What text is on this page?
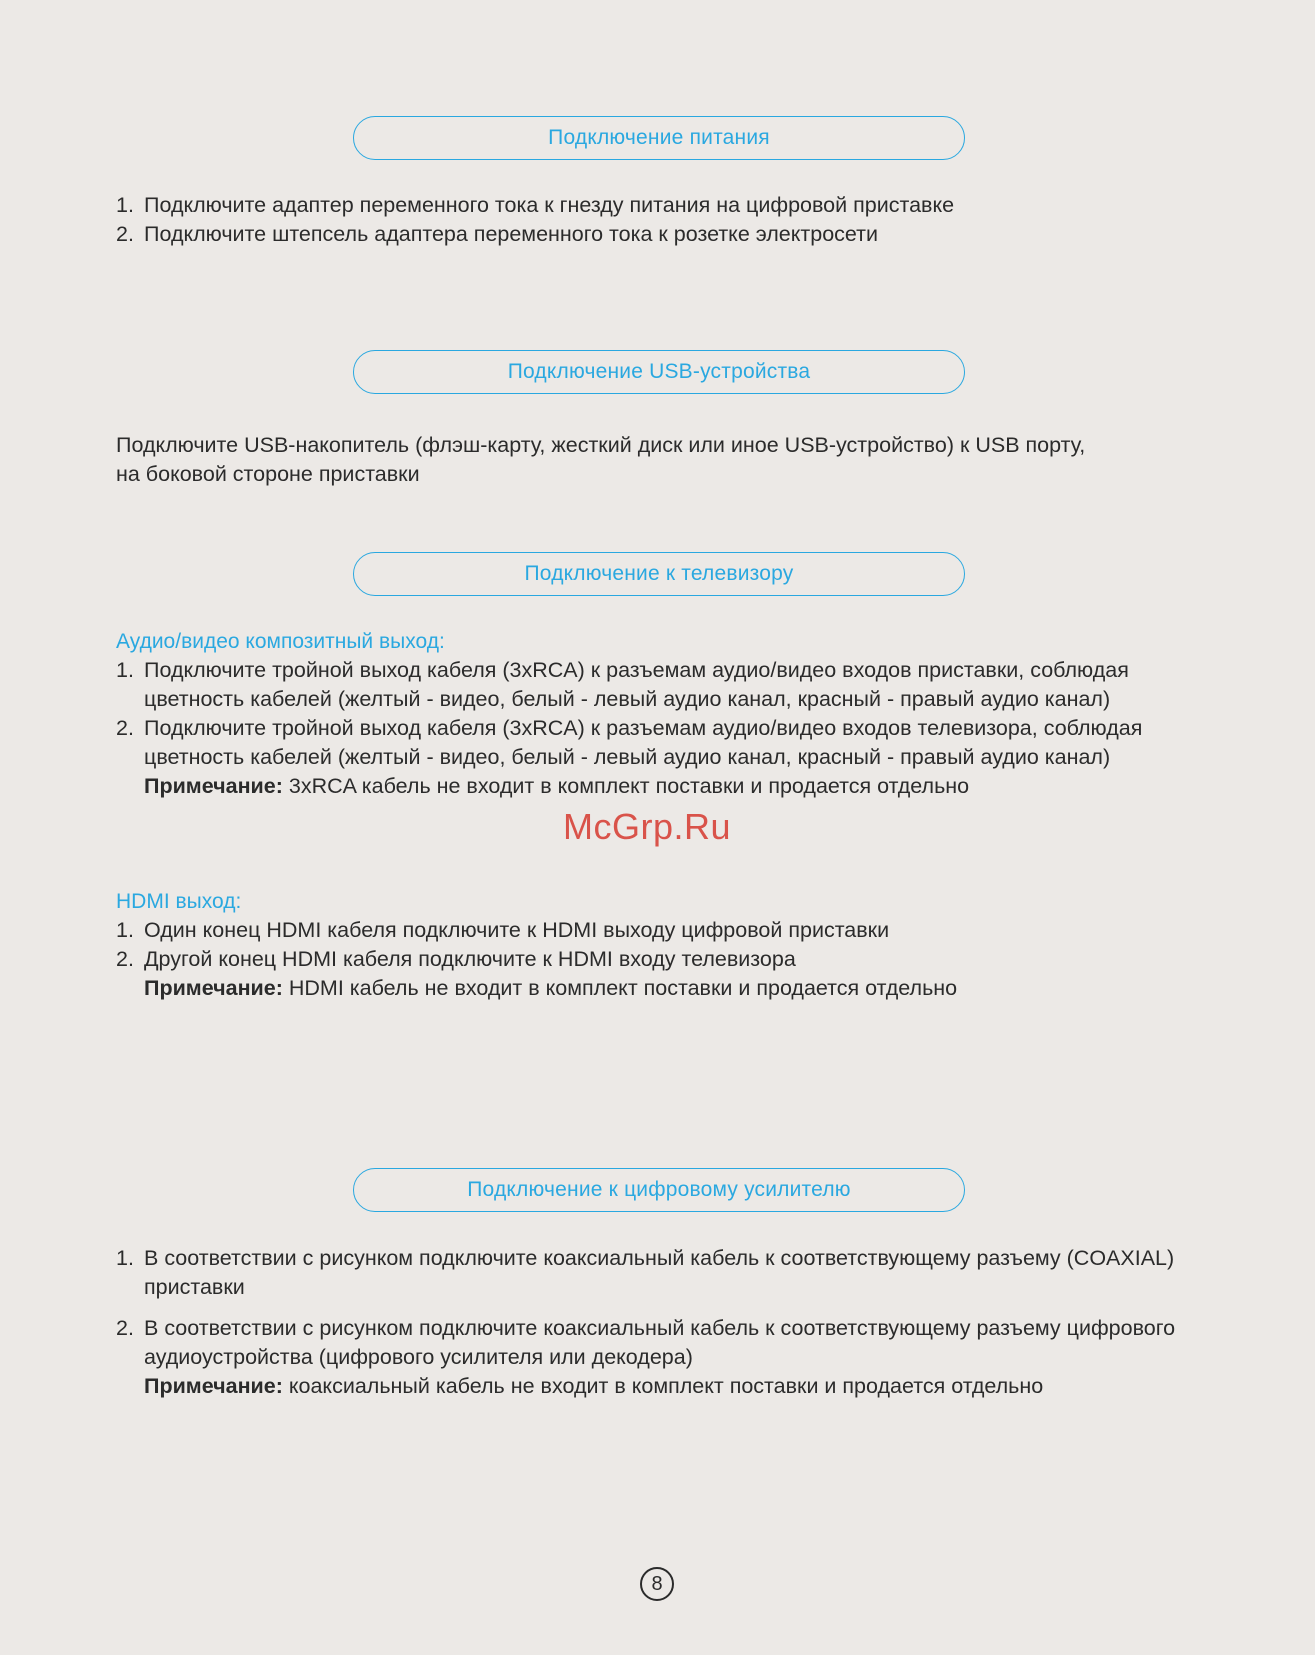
Подключение питания
1. Подключите адаптер переменного тока к гнезду питания на цифровой приставке
2. Подключите штепсель адаптера переменного тока к розетке электросети
Подключение USB-устройства
Подключите USB-накопитель (флэш-карту, жесткий диск или иное USB-устройство) к USB порту,
на боковой стороне приставки
Подключение к телевизору
Аудио/видео композитный выход:
1. Подключите тройной выход кабеля (3xRCA) к разъемам аудио/видео входов приставки, соблюдая цветность кабелей (желтый - видео, белый - левый аудио канал, красный - правый аудио канал)
2. Подключите тройной выход кабеля (3xRCA) к разъемам аудио/видео входов телевизора, соблюдая цветность кабелей (желтый - видео, белый - левый аудио канал, красный - правый аудио канал)
Примечание: 3xRCA кабель не входит в комплект поставки и продается отдельно
HDMI выход:
1. Один конец HDMI кабеля подключите к HDMI выходу цифровой приставки
2. Другой конец HDMI кабеля подключите к HDMI входу телевизора
Примечание: HDMI кабель не входит в комплект поставки и продается отдельно
Подключение к цифровому усилителю
1. В соответствии с рисунком подключите коаксиальный кабель к соответствующему разъему (COAXIAL) приставки
2. В соответствии с рисунком подключите коаксиальный кабель к соответствующему разъему цифрового аудиоустройства (цифрового усилителя или декодера)
Примечание: коаксиальный кабель не входит в комплект поставки и продается отдельно
McGrp.Ru
8
